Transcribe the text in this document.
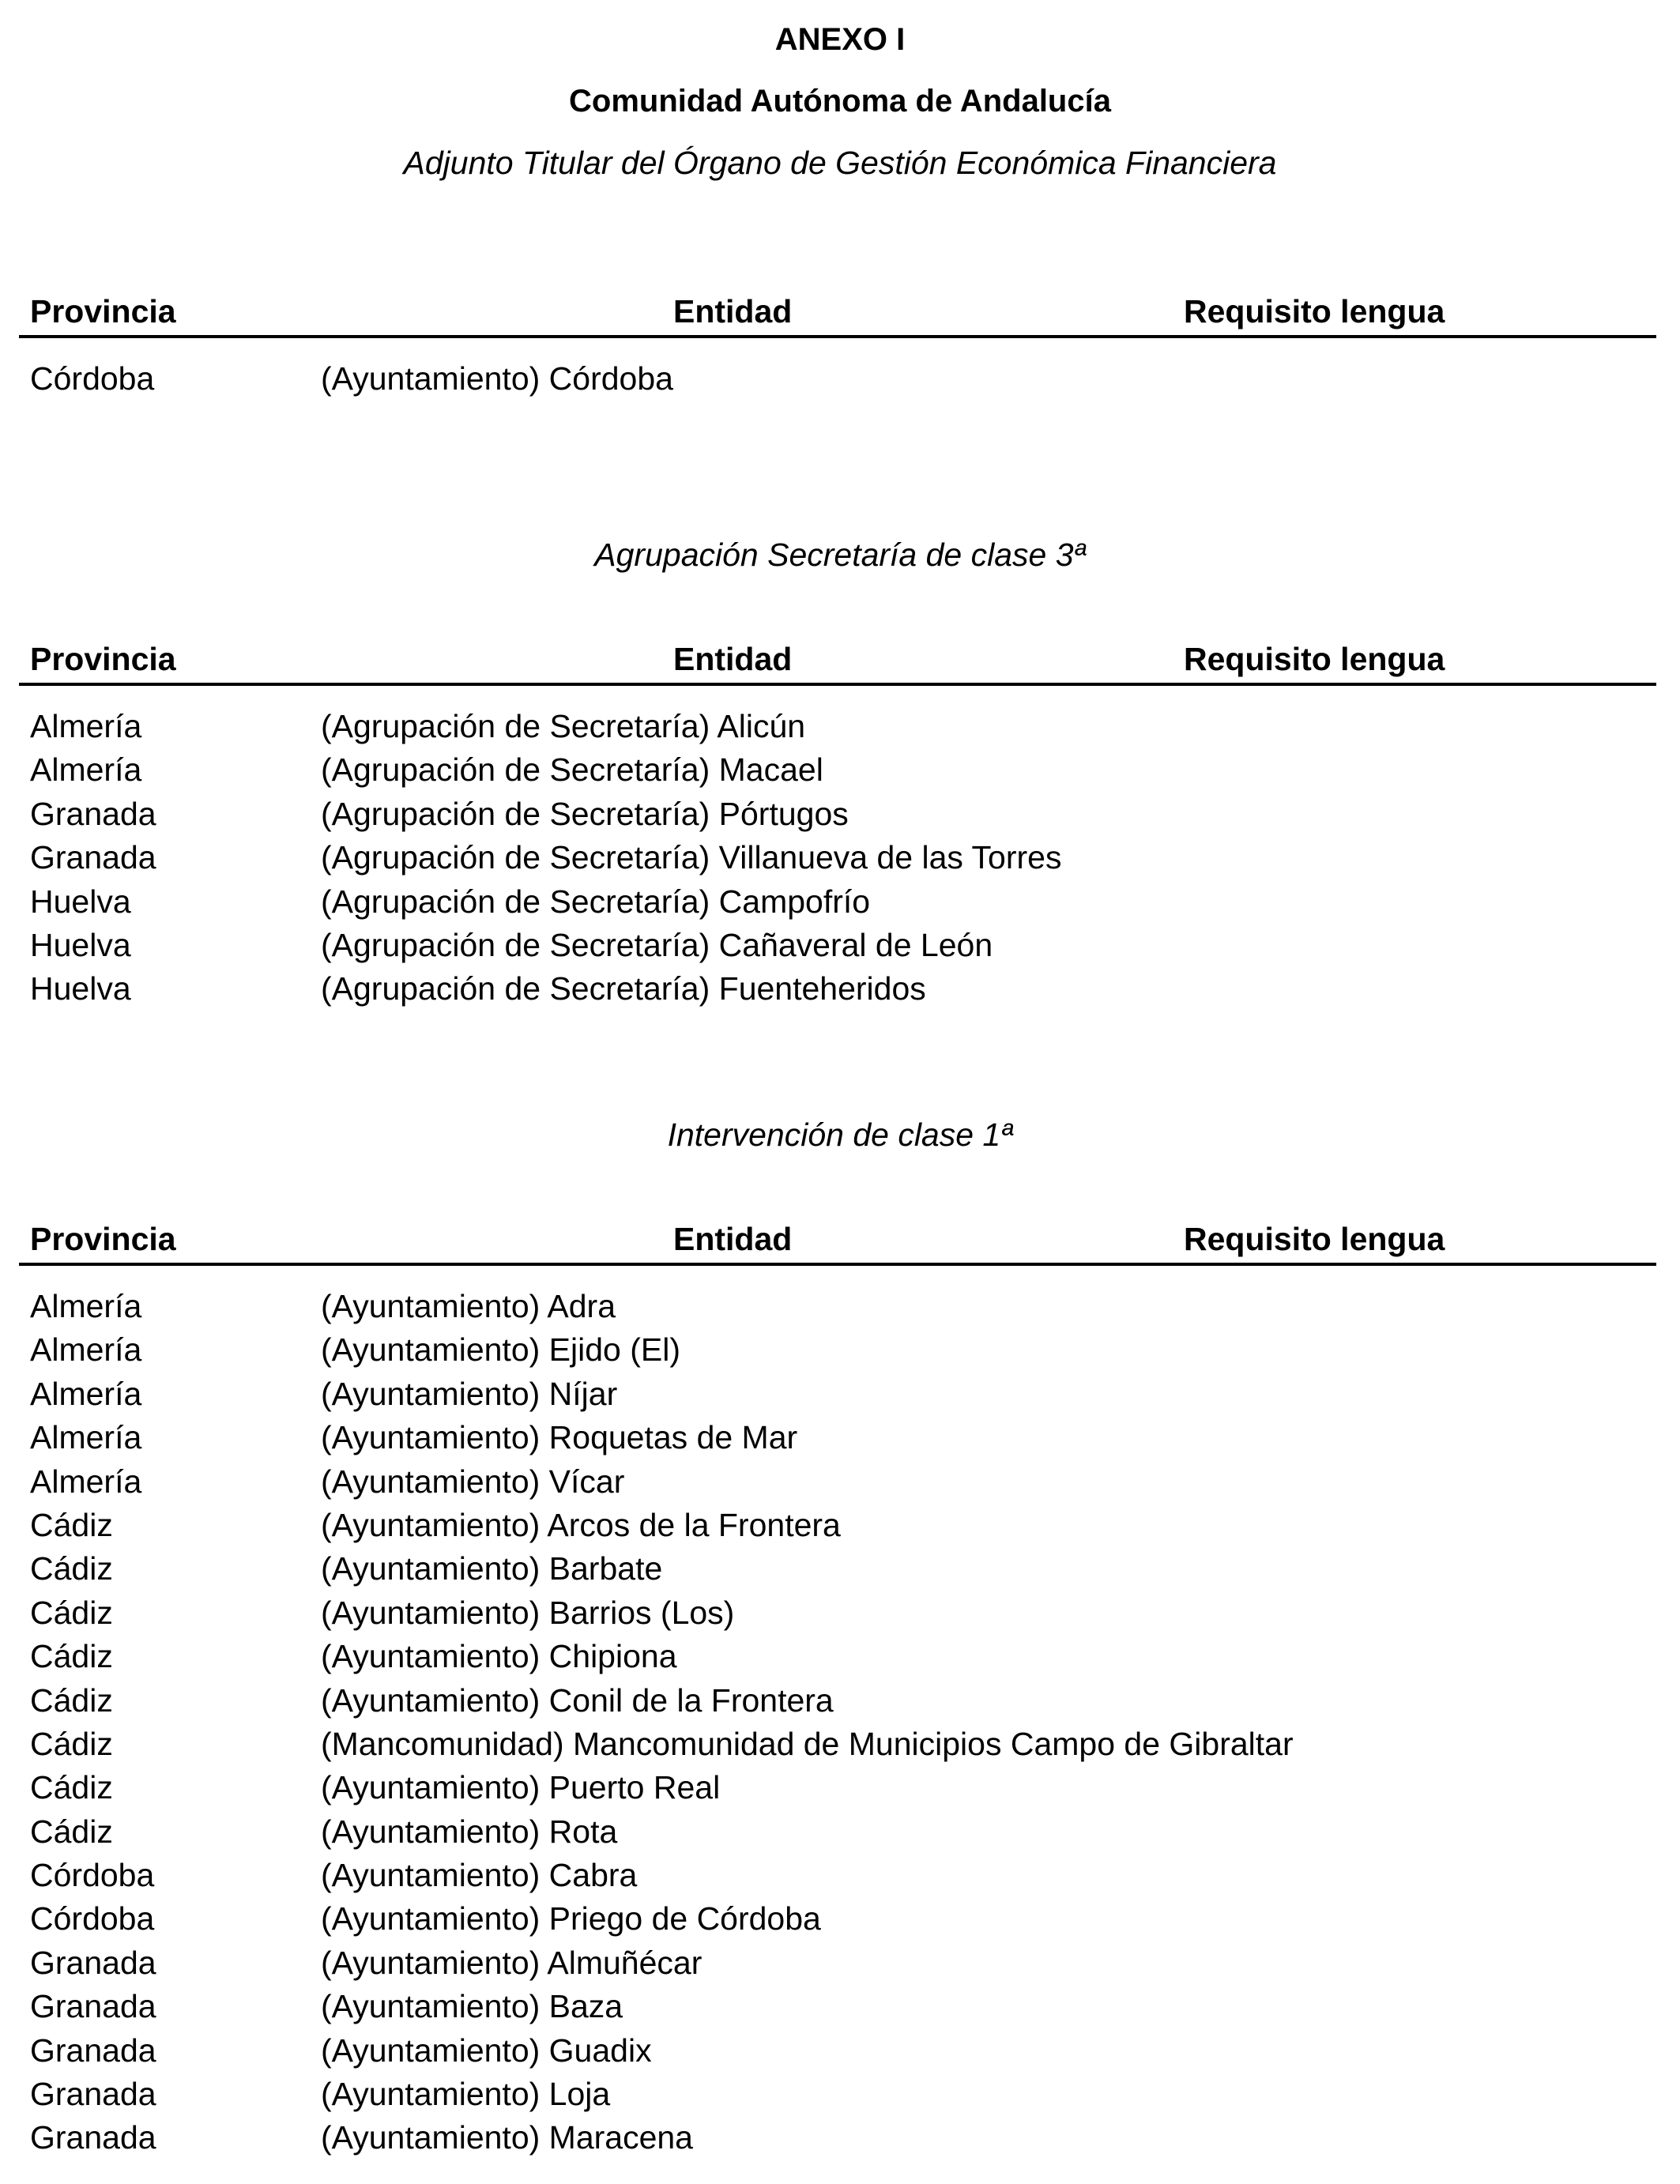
ANEXO I
Comunidad Autónoma de Andalucía
Adjunto Titular del Órgano de Gestión Económica Financiera
Provincia	Entidad	Requisito lengua
Córdoba	(Ayuntamiento) Córdoba
Agrupación Secretaría de clase 3ª
Provincia	Entidad	Requisito lengua
Almería	(Agrupación de Secretaría) Alicún
Almería	(Agrupación de Secretaría) Macael
Granada	(Agrupación de Secretaría) Pórtugos
Granada	(Agrupación de Secretaría) Villanueva de las Torres
Huelva	(Agrupación de Secretaría) Campofrío
Huelva	(Agrupación de Secretaría) Cañaveral de León
Huelva	(Agrupación de Secretaría) Fuenteheridos
Intervención de clase 1ª
Provincia	Entidad	Requisito lengua
Almería	(Ayuntamiento) Adra
Almería	(Ayuntamiento) Ejido (El)
Almería	(Ayuntamiento) Níjar
Almería	(Ayuntamiento) Roquetas de Mar
Almería	(Ayuntamiento) Vícar
Cádiz	(Ayuntamiento) Arcos de la Frontera
Cádiz	(Ayuntamiento) Barbate
Cádiz	(Ayuntamiento) Barrios (Los)
Cádiz	(Ayuntamiento) Chipiona
Cádiz	(Ayuntamiento) Conil de la Frontera
Cádiz	(Mancomunidad) Mancomunidad de Municipios Campo de Gibraltar
Cádiz	(Ayuntamiento) Puerto Real
Cádiz	(Ayuntamiento) Rota
Córdoba	(Ayuntamiento) Cabra
Córdoba	(Ayuntamiento) Priego de Córdoba
Granada	(Ayuntamiento) Almuñécar
Granada	(Ayuntamiento) Baza
Granada	(Ayuntamiento) Guadix
Granada	(Ayuntamiento) Loja
Granada	(Ayuntamiento) Maracena
